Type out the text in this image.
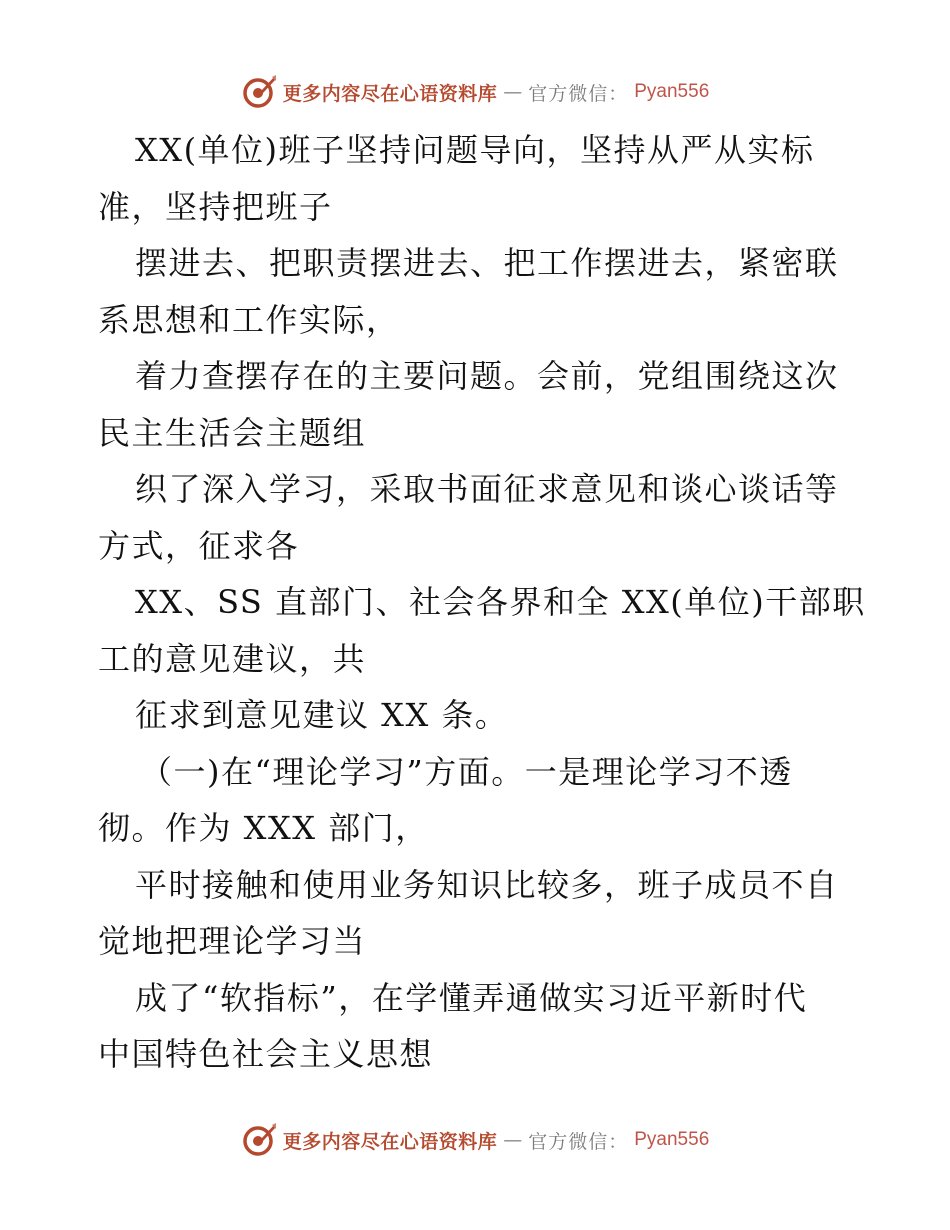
更多内容尽在心语资料库 — 官方微信： Pyan556
XX(单位)班子坚持问题导向，坚持从严从实标
准，坚持把班子
摆进去、把职责摆进去、把工作摆进去，紧密联
系思想和工作实际，
着力查摆存在的主要问题。会前，党组围绕这次
民主生活会主题组
织了深入学习，采取书面征求意见和谈心谈话等
方式，征求各
XX、SS 直部门、社会各界和全 XX(单位)干部职
工的意见建议，共
征求到意见建议 XX 条。
（一)在“理论学习”方面。一是理论学习不透
彻。作为 XXX 部门，
平时接触和使用业务知识比较多，班子成员不自
觉地把理论学习当
成了“软指标”，在学懂弄通做实习近平新时代
中国特色社会主义思想
更多内容尽在心语资料库 — 官方微信： Pyan556
